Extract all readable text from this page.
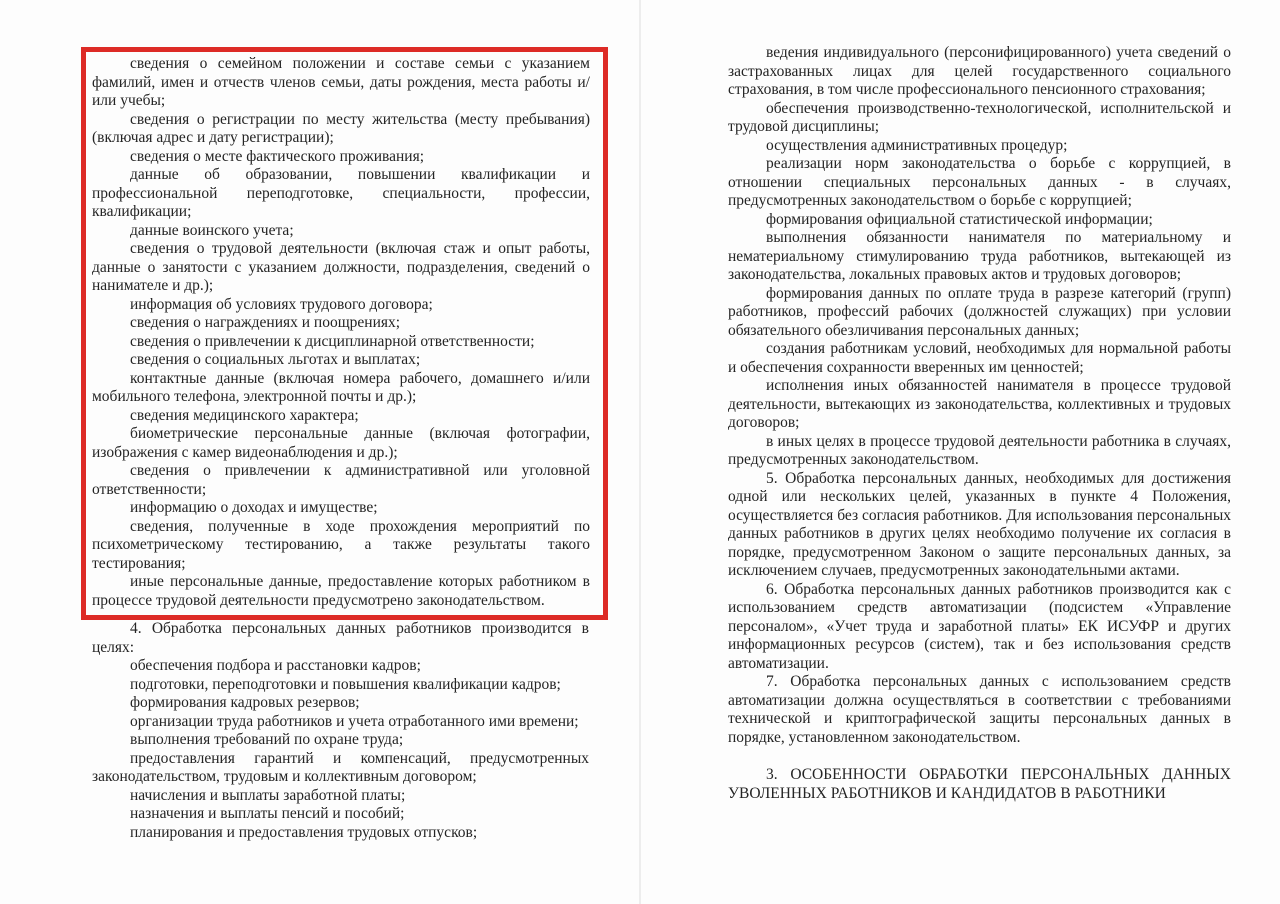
сведения о семейном положении и составе семьи с указанием фамилий, имен и отчеств членов семьи, даты рождения, места работы и/или учебы;

сведения о регистрации по месту жительства (месту пребывания) (включая адрес и дату регистрации);

сведения о месте фактического проживания;

данные об образовании, повышении квалификации и профессиональной переподготовке, специальности, профессии, квалификации;

данные воинского учета;

сведения о трудовой деятельности (включая стаж и опыт работы, данные о занятости с указанием должности, подразделения, сведений о нанимателе и др.);

информация об условиях трудового договора;

сведения о награждениях и поощрениях;

сведения о привлечении к дисциплинарной ответственности;

сведения о социальных льготах и выплатах;

контактные данные (включая номера рабочего, домашнего и/или мобильного телефона, электронной почты и др.);

сведения медицинского характера;

биометрические персональные данные (включая фотографии, изображения с камер видеонаблюдения и др.);

сведения о привлечении к административной или уголовной ответственности;

информацию о доходах и имуществе;

сведения, полученные в ходе прохождения мероприятий по психометрическому тестированию, а также результаты такого тестирования;

иные персональные данные, предоставление которых работником в процессе трудовой деятельности предусмотрено законодательством.

4. Обработка персональных данных работников производится в целях:

обеспечения подбора и расстановки кадров;

подготовки, переподготовки и повышения квалификации кадров;

формирования кадровых резервов;

организации труда работников и учета отработанного ими времени;

выполнения требований по охране труда;

предоставления гарантий и компенсаций, предусмотренных законодательством, трудовым и коллективным договором;

начисления и выплаты заработной платы;

назначения и выплаты пенсий и пособий;

планирования и предоставления трудовых отпусков;

ведения индивидуального (персонифицированного) учета сведений о застрахованных лицах для целей государственного социального страхования, в том числе профессионального пенсионного страхования;

обеспечения производственно-технологической, исполнительской и трудовой дисциплины;

осуществления административных процедур;

реализации норм законодательства о борьбе с коррупцией, в отношении специальных персональных данных - в случаях, предусмотренных законодательством о борьбе с коррупцией;

формирования официальной статистической информации;

выполнения обязанности нанимателя по материальному и нематериальному стимулированию труда работников, вытекающей из законодательства, локальных правовых актов и трудовых договоров;

формирования данных по оплате труда в разрезе категорий (групп) работников, профессий рабочих (должностей служащих) при условии обязательного обезличивания персональных данных;

создания работникам условий, необходимых для нормальной работы и обеспечения сохранности вверенных им ценностей;

исполнения иных обязанностей нанимателя в процессе трудовой деятельности, вытекающих из законодательства, коллективных и трудовых договоров;

в иных целях в процессе трудовой деятельности работника в случаях, предусмотренных законодательством.

5. Обработка персональных данных, необходимых для достижения одной или нескольких целей, указанных в пункте 4 Положения, осуществляется без согласия работников. Для использования персональных данных работников в других целях необходимо получение их согласия в порядке, предусмотренном Законом о защите персональных данных, за исключением случаев, предусмотренных законодательными актами.

6. Обработка персональных данных работников производится как с использованием средств автоматизации (подсистем «Управление персоналом», «Учет труда и заработной платы» ЕК ИСУФР и других информационных ресурсов (систем), так и без использования средств автоматизации.

7. Обработка персональных данных с использованием средств автоматизации должна осуществляться в соответствии с требованиями технической и криптографической защиты персональных данных в порядке, установленном законодательством.

3. ОСОБЕННОСТИ ОБРАБОТКИ ПЕРСОНАЛЬНЫХ ДАННЫХ УВОЛЕННЫХ РАБОТНИКОВ И КАНДИДАТОВ В РАБОТНИКИ
